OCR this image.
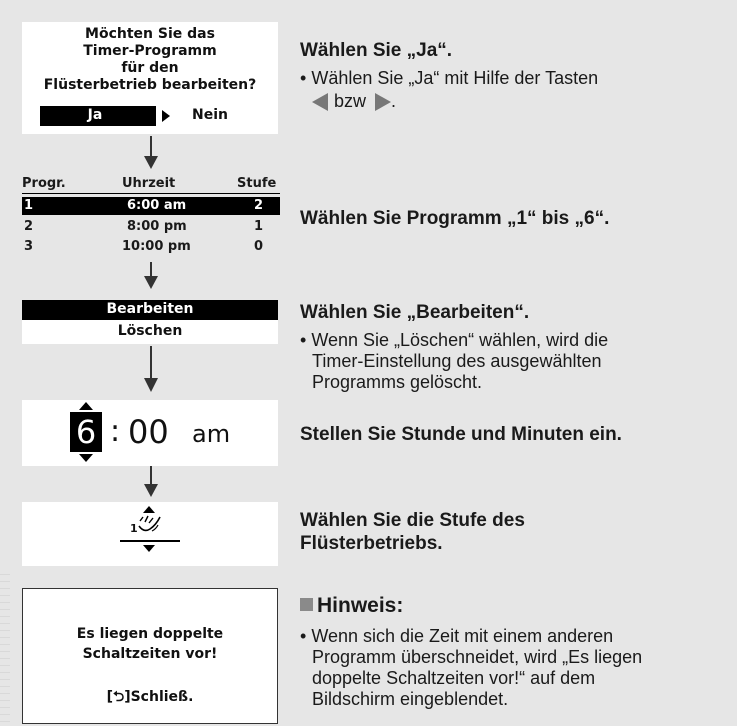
Möchten Sie das
Timer-Programm
für den
Flüsterbetrieb bearbeiten?
Ja	Nein
Wählen Sie „Ja“.
• Wählen Sie „Ja“ mit Hilfe der Tasten
bzw .
Progr.	Uhrzeit	Stufe
1	6:00 am	2
2	8:00 pm	1
3	10:00 pm	0
Wählen Sie Programm „1“ bis „6“.
Bearbeiten
Löschen
Wählen Sie „Bearbeiten“.
• Wenn Sie „Löschen“ wählen, wird die
Timer-Einstellung des ausgewählten
Programms gelöscht.
6 : 00 am	Stellen Sie Stunde und Minuten ein.
1	Wählen Sie die Stufe des
Flüsterbetriebs.
Es liegen doppelte
Schaltzeiten vor!
[⮌]Schließ.
Hinweis:
• Wenn sich die Zeit mit einem anderen
Programm überschneidet, wird „Es liegen
doppelte Schaltzeiten vor!“ auf dem
Bildschirm eingeblendet.
